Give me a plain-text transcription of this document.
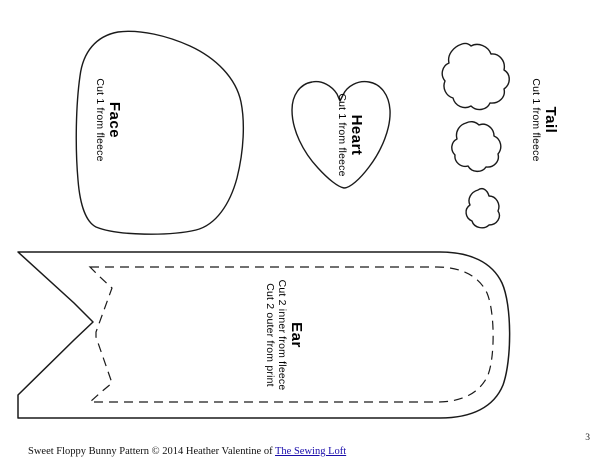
Face
Cut 1 from fleece	Heart
Cut 1 from fleece	Tail
Cut 1 from fleece
Ear
Cut 2 inner from fleece
Cut 2 outer from print
Sweet Floppy Bunny Pattern © 2014 Heather Valentine of The Sewing Loft
3
